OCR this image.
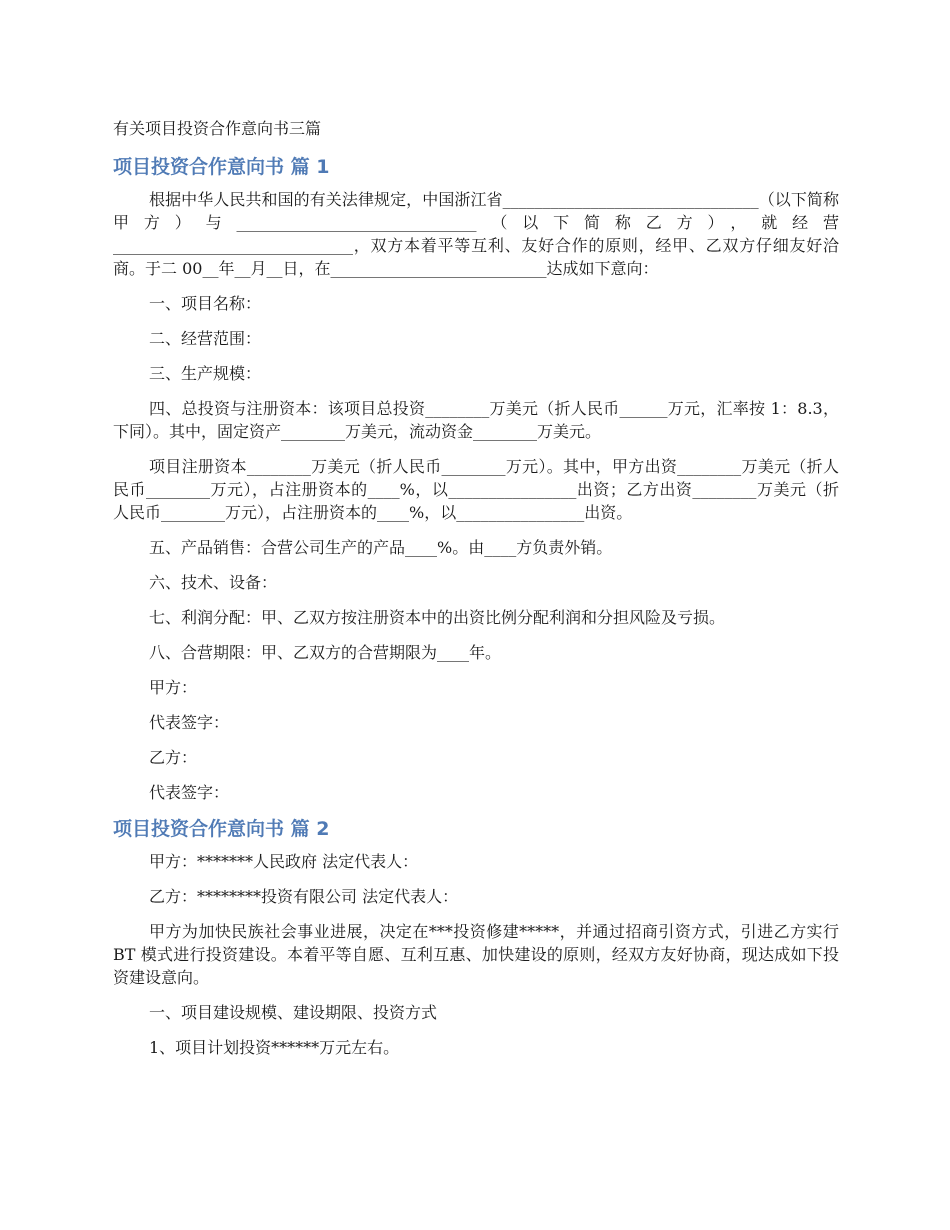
有关项目投资合作意向书三篇
项目投资合作意向书 篇 1

根据中华人民共和国的有关法律规定，中国浙江省________________________________（以下简称甲方）与______________________________（以下简称乙方），就经营______________________________，双方本着平等互利、友好合作的原则，经甲、乙双方仔细友好洽商。于二 00__年__月__日，在___________________________达成如下意向：

一、项目名称：

二、经营范围：

三、生产规模：

四、总投资与注册资本：该项目总投资________万美元（折人民币______万元，汇率按 1：8.3，下同）。其中，固定资产________万美元，流动资金________万美元。

项目注册资本________万美元（折人民币________万元）。其中，甲方出资________万美元（折人民币________万元），占注册资本的____%，以________________出资；乙方出资________万美元（折人民币________万元），占注册资本的____%，以________________出资。

五、产品销售：合营公司生产的产品____%。由____方负责外销。

六、技术、设备：

七、利润分配：甲、乙双方按注册资本中的出资比例分配利润和分担风险及亏损。

八、合营期限：甲、乙双方的合营期限为____年。

甲方：

代表签字：

乙方：

代表签字：

项目投资合作意向书 篇 2

甲方：*******人民政府 法定代表人：

乙方：********投资有限公司 法定代表人：

甲方为加快民族社会事业进展，决定在***投资修建*****，并通过招商引资方式，引进乙方实行 BT 模式进行投资建设。本着平等自愿、互利互惠、加快建设的原则，经双方友好协商，现达成如下投资建设意向。

一、项目建设规模、建设期限、投资方式

1、项目计划投资******万元左右。
